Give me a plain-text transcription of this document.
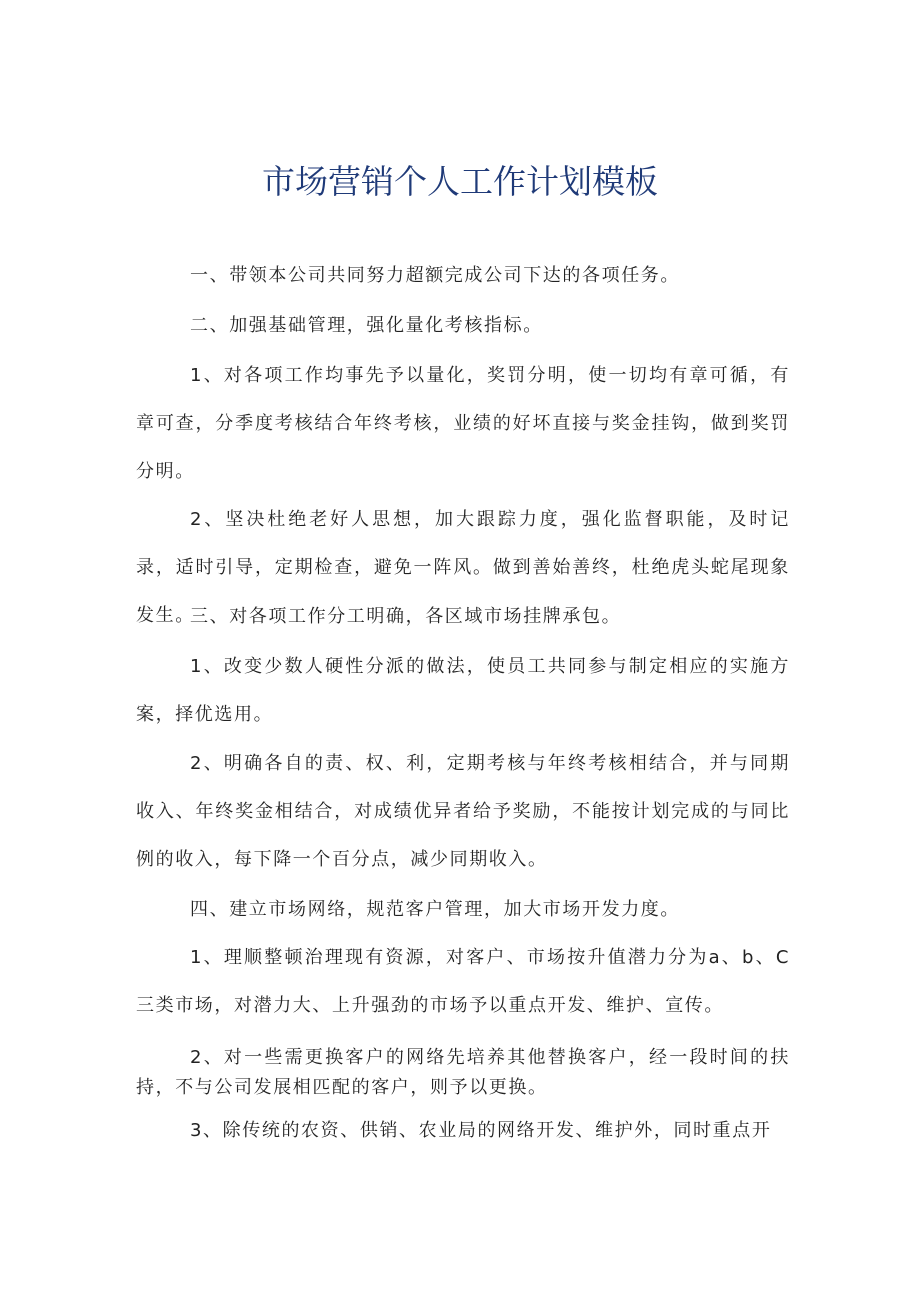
市场营销个人工作计划模板

一、带领本公司共同努力超额完成公司下达的各项任务。

二、加强基础管理，强化量化考核指标。

1、对各项工作均事先予以量化，奖罚分明，使一切均有章可循，有章可查，分季度考核结合年终考核，业绩的好坏直接与奖金挂钩，做到奖罚分明。

2、坚决杜绝老好人思想，加大跟踪力度，强化监督职能，及时记录，适时引导，定期检查，避免一阵风。做到善始善终，杜绝虎头蛇尾现象发生。

三、对各项工作分工明确，各区域市场挂牌承包。

1、改变少数人硬性分派的做法，使员工共同参与制定相应的实施方案，择优选用。

2、明确各自的责、权、利，定期考核与年终考核相结合，并与同期收入、年终奖金相结合，对成绩优异者给予奖励，不能按计划完成的与同比例的收入，每下降一个百分点，减少同期收入。

四、建立市场网络，规范客户管理，加大市场开发力度。

1、理顺整顿治理现有资源，对客户、市场按升值潜力分为a、b、C三类市场，对潜力大、上升强劲的市场予以重点开发、维护、宣传。

2、对一些需更换客户的网络先培养其他替换客户，经一段时间的扶持，不与公司发展相匹配的客户，则予以更换。

3、除传统的农资、供销、农业局的网络开发、维护外，同时重点开
